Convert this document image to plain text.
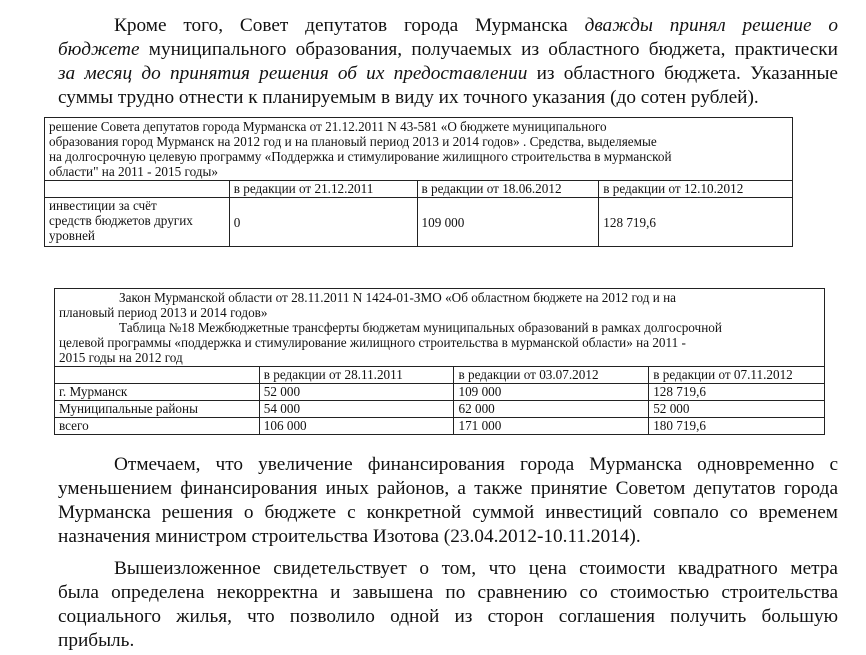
Кроме того, Совет депутатов города Мурманска дважды принял решение о
бюджете муниципального образования, получаемых из областного бюджета, практически
за месяц до принятия решения об их предоставлении из областного бюджета. Указанные
суммы трудно отнести к планируемым в виду их точного указания (до сотен рублей).
решение Совета депутатов города Мурманска от 21.12.2011 N 43-581 «О бюджете муниципального
образования город Мурманск на 2012 год и на плановый период 2013 и 2014 годов» . Средства, выделяемые
на долгосрочную целевую программу «Поддержка и стимулирование жилищного строительства в мурманской
области" на 2011 - 2015 годы»			

	в редакции от 21.12.2011	в редакции от 18.06.2012	в редакции от 12.10.2012

инвестиции за счёт
средств бюджетов других
уровней	0	109 000	128 719,6
Закон Мурманской области от 28.11.2011 N 1424-01-ЗМО «Об областном бюджете на 2012 год и на
плановый период 2013 и 2014 годов»
Таблица №18 Межбюджетные трансферты бюджетам муниципальных образований в рамках долгосрочной
целевой программы «поддержка и стимулирование жилищного строительства в мурманской области» на 2011 -
2015 годы на 2012 год			

	в редакции от 28.11.2011	в редакции от 03.07.2012	в редакции от 07.11.2012
г. Мурманск	52 000	109 000	128 719,6
Муниципальные районы	54 000	62 000	52 000
всего	106 000	171 000	180 719,6
Отмечаем, что увеличение финансирования города Мурманска одновременно с
уменьшением финансирования иных районов, а также принятие Советом депутатов города
Мурманска решения о бюджете с конкретной суммой инвестиций совпало со временем
назначения министром строительства Изотова (23.04.2012-10.11.2014).
Вышеизложенное свидетельствует о том, что цена стоимости квадратного метра
была определена некорректна и завышена по сравнению со стоимостью строительства
социального жилья, что позволило одной из сторон соглашения получить большую
прибыль.
